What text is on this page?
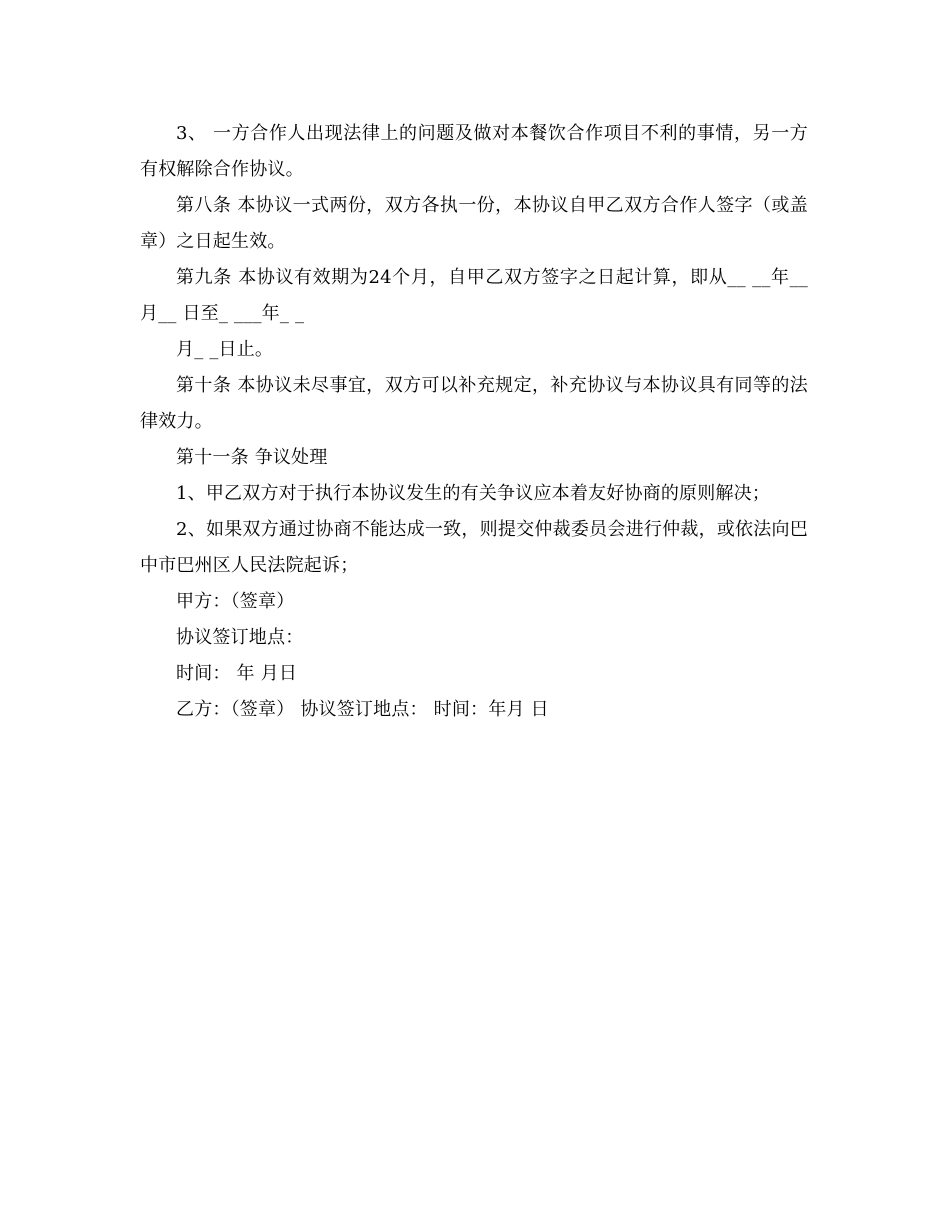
3、 一方合作人出现法律上的问题及做对本餐饮合作项目不利的事情，另一方有权解除合作协议。

第八条 本协议一式两份，双方各执一份，本协议自甲乙双方合作人签字（或盖章）之日起生效。

第九条 本协议有效期为24个月，自甲乙双方签字之日起计算，即从__ __年__月__ 日至_ ___年_ _

月_ _日止。

第十条 本协议未尽事宜，双方可以补充规定，补充协议与本协议具有同等的法律效力。

第十一条 争议处理

1、甲乙双方对于执行本协议发生的有关争议应本着友好协商的原则解决；

2、如果双方通过协商不能达成一致，则提交仲裁委员会进行仲裁，或依法向巴中市巴州区人民法院起诉；

甲方：（签章）

协议签订地点：

时间： 年 月日

乙方：（签章） 协议签订地点： 时间：年月 日
